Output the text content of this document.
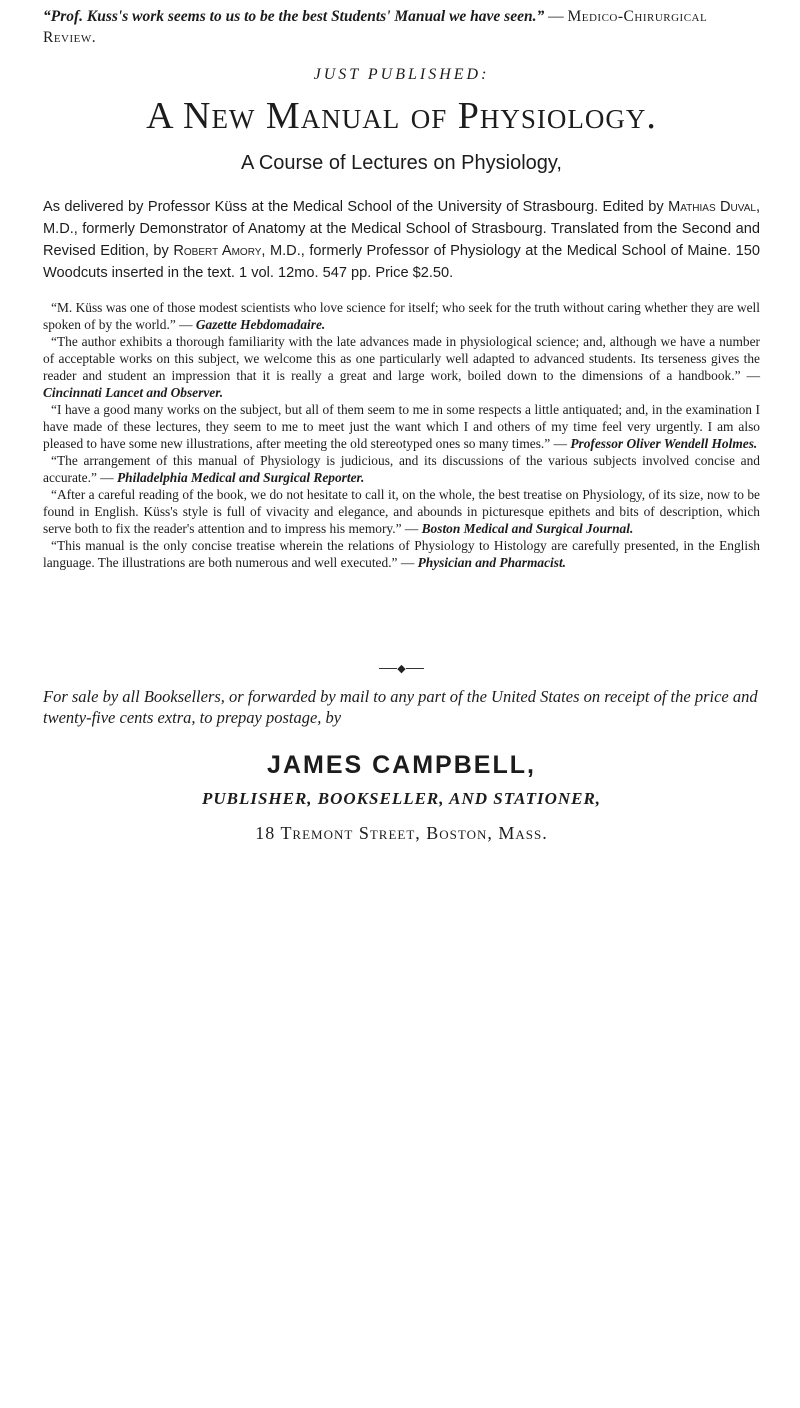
“Prof. Kuss's work seems to us to be the best Students' Manual we have seen.” — Medico-Chirurgical Review.
JUST PUBLISHED:
A New Manual of Physiology.
A Course of Lectures on Physiology,
As delivered by Professor Küss at the Medical School of the University of Strasbourg. Edited by Mathias Duval, M.D., formerly Demonstrator of Anatomy at the Medical School of Strasbourg. Translated from the Second and Revised Edition, by Robert Amory, M.D., formerly Professor of Physiology at the Medical School of Maine. 150 Woodcuts inserted in the text. 1 vol. 12mo. 547 pp. Price $2.50.

“M. Küss was one of those modest scientists who love science for itself; who seek for the truth without caring whether they are well spoken of by the world.” — Gazette Hebdomadaire.

“The author exhibits a thorough familiarity with the late advances made in physiological science; and, although we have a number of acceptable works on this subject, we welcome this as one particularly well adapted to advanced students. Its terseness gives the reader and student an impression that it is really a great and large work, boiled down to the dimensions of a handbook.” — Cincinnati Lancet and Observer.

“I have a good many works on the subject, but all of them seem to me in some respects a little antiquated; and, in the examination I have made of these lectures, they seem to me to meet just the want which I and others of my time feel very urgently. I am also pleased to have some new illustrations, after meeting the old stereotyped ones so many times.” — Professor Oliver Wendell Holmes.

“The arrangement of this manual of Physiology is judicious, and its discussions of the various subjects involved concise and accurate.” — Philadelphia Medical and Surgical Reporter.

“After a careful reading of the book, we do not hesitate to call it, on the whole, the best treatise on Physiology, of its size, now to be found in English. Küss's style is full of vivacity and elegance, and abounds in picturesque epithets and bits of description, which serve both to fix the reader's attention and to impress his memory.” — Boston Medical and Surgical Journal.

“This manual is the only concise treatise wherein the relations of Physiology to Histology are carefully presented, in the English language. The illustrations are both numerous and well executed.” — Physician and Pharmacist.

◆
For sale by all Booksellers, or forwarded by mail to any part of the United States on receipt of the price and twenty-five cents extra, to prepay postage, by
JAMES CAMPBELL,
PUBLISHER, BOOKSELLER, AND STATIONER,
18 Tremont Street, Boston, Mass.
